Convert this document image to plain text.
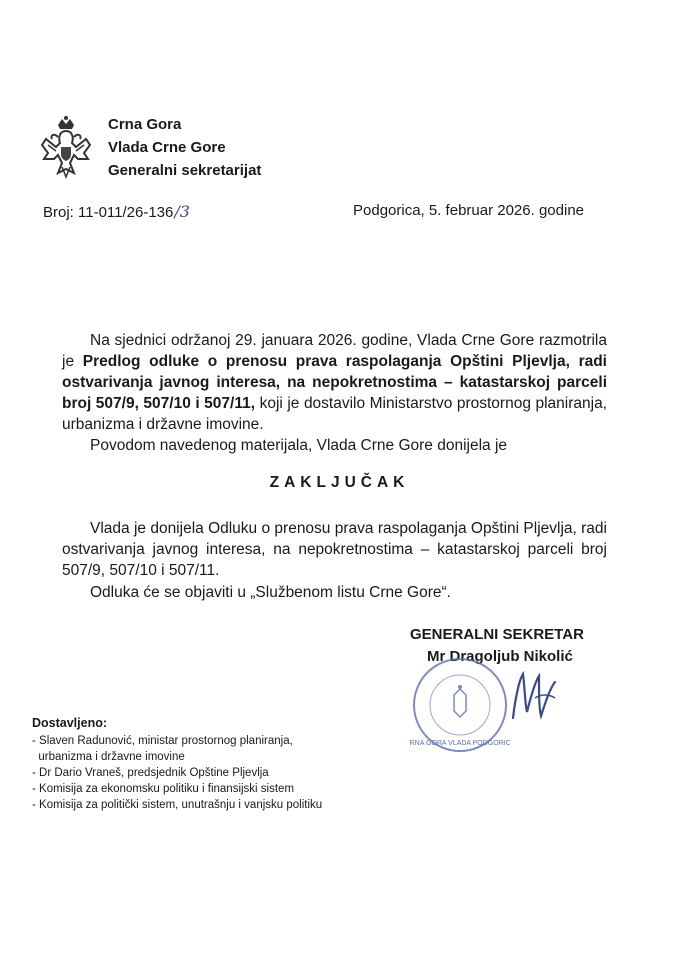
Crna Gora
Vlada Crne Gore
Generalni sekretarijat
Broj: 11-011/26-136/3	Podgorica, 5. februar 2026. godine
Na sjednici održanoj 29. januara 2026. godine, Vlada Crne Gore razmotrila je Predlog odluke o prenosu prava raspolaganja Opštini Pljevlja, radi ostvarivanja javnog interesa, na nepokretnostima – katastarskoj parceli broj 507/9, 507/10 i 507/11, koji je dostavilo Ministarstvo prostornog planiranja, urbanizma i državne imovine.
Povodom navedenog materijala, Vlada Crne Gore donijela je
ZAKLJUČAK
Vlada je donijela Odluku o prenosu prava raspolaganja Opštini Pljevlja, radi ostvarivanja javnog interesa, na nepokretnostima – katastarskoj parceli broj 507/9, 507/10 i 507/11.
Odluka će se objaviti u „Službenom listu Crne Gore“.
GENERALNI SEKRETAR
Mr Dragoljub Nikolić
CRNA GORA VLADA PODGORICA
Dostavljeno:
- Slaven Radunović, ministar prostornog planiranja,
urbanizma i državne imovine
- Dr Dario Vraneš, predsjednik Opštine Pljevlja
- Komisija za ekonomsku politiku i finansijski sistem
- Komisija za politički sistem, unutrašnju i vanjsku politiku
